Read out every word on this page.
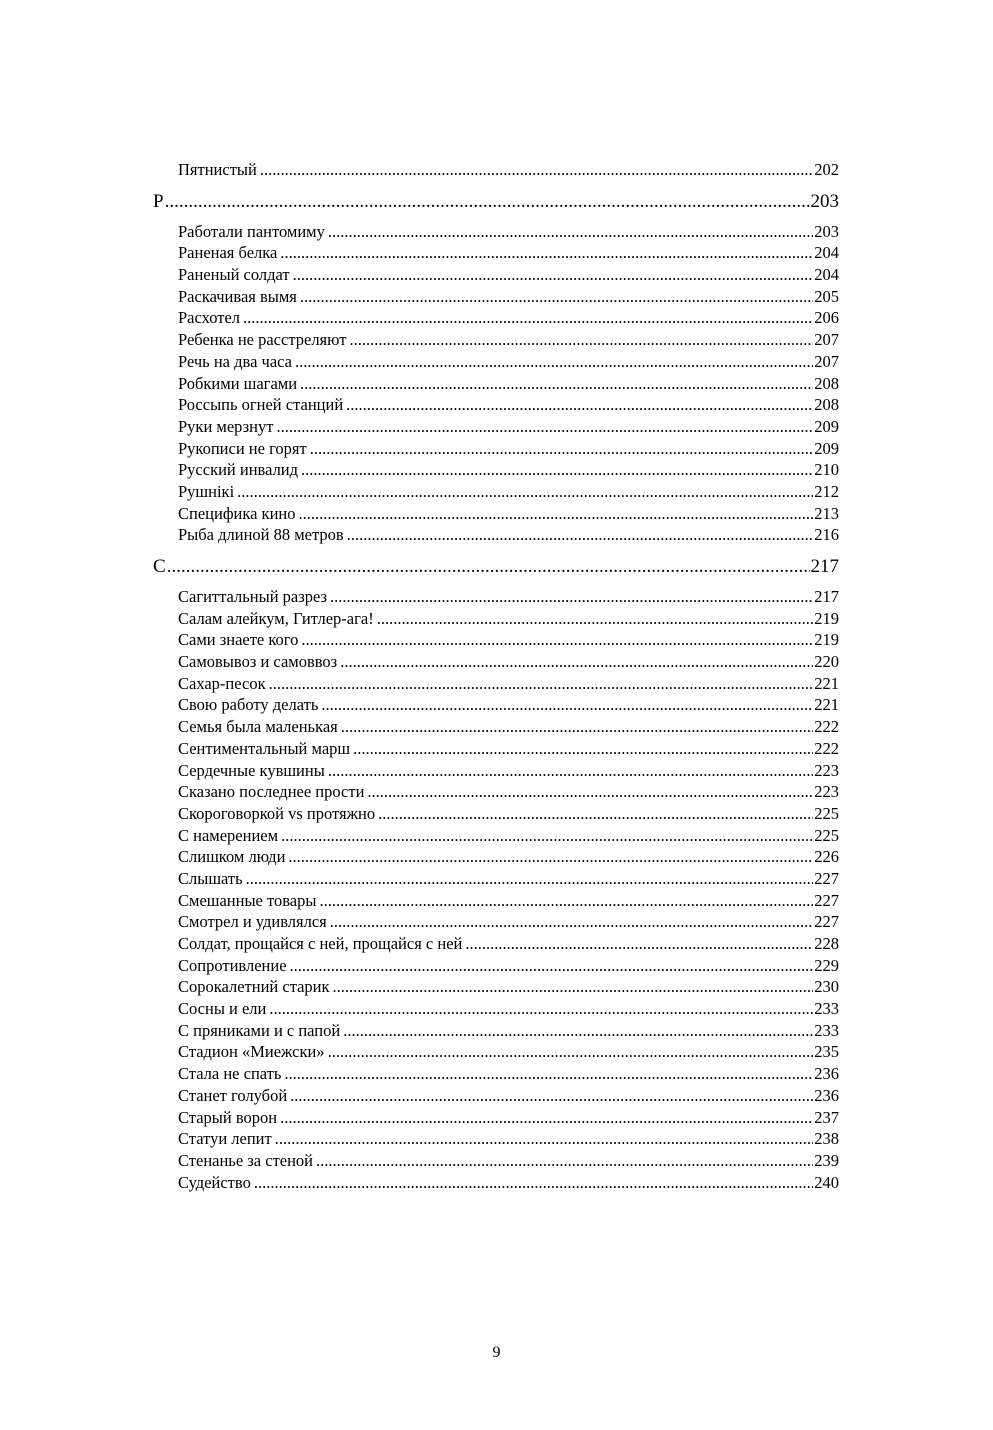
Пятнистый .....	202
Р .....	203
Работали пантомиму .....	203
Раненая белка .....	204
Раненый солдат .....	204
Раскачивая вымя .....	205
Расхотел .....	206
Ребенка не расстреляют .....	207
Речь на два часа .....	207
Робкими шагами .....	208
Россыпь огней станций .....	208
Руки мерзнут .....	209
Рукописи не горят .....	209
Русский инвалид .....	210
Рушнікі .....	212
Специфика кино .....	213
Рыба длиной 88 метров .....	216
С .....	217
Сагиттальный разрез .....	217
Салам алейкум, Гитлер-ага! .....	219
Сами знаете кого .....	219
Самовывоз и самоввоз .....	220
Сахар-песок .....	221
Свою работу делать .....	221
Семья была маленькая .....	222
Сентиментальный марш .....	222
Сердечные кувшины .....	223
Сказано последнее прости .....	223
Скороговоркой vs протяжно .....	225
С намерением .....	225
Слишком люди .....	226
Слышать .....	227
Смешанные товары .....	227
Смотрел и удивлялся .....	227
Солдат, прощайся с ней, прощайся с ней .....	228
Сопротивление .....	229
Сорокалетний старик .....	230
Сосны и ели .....	233
С пряниками и с папой .....	233
Стадион «Миежски» .....	235
Стала не спать .....	236
Станет голубой .....	236
Старый ворон .....	237
Статуи лепит .....	238
Стенанье за стеной .....	239
Судейство .....	240
9
